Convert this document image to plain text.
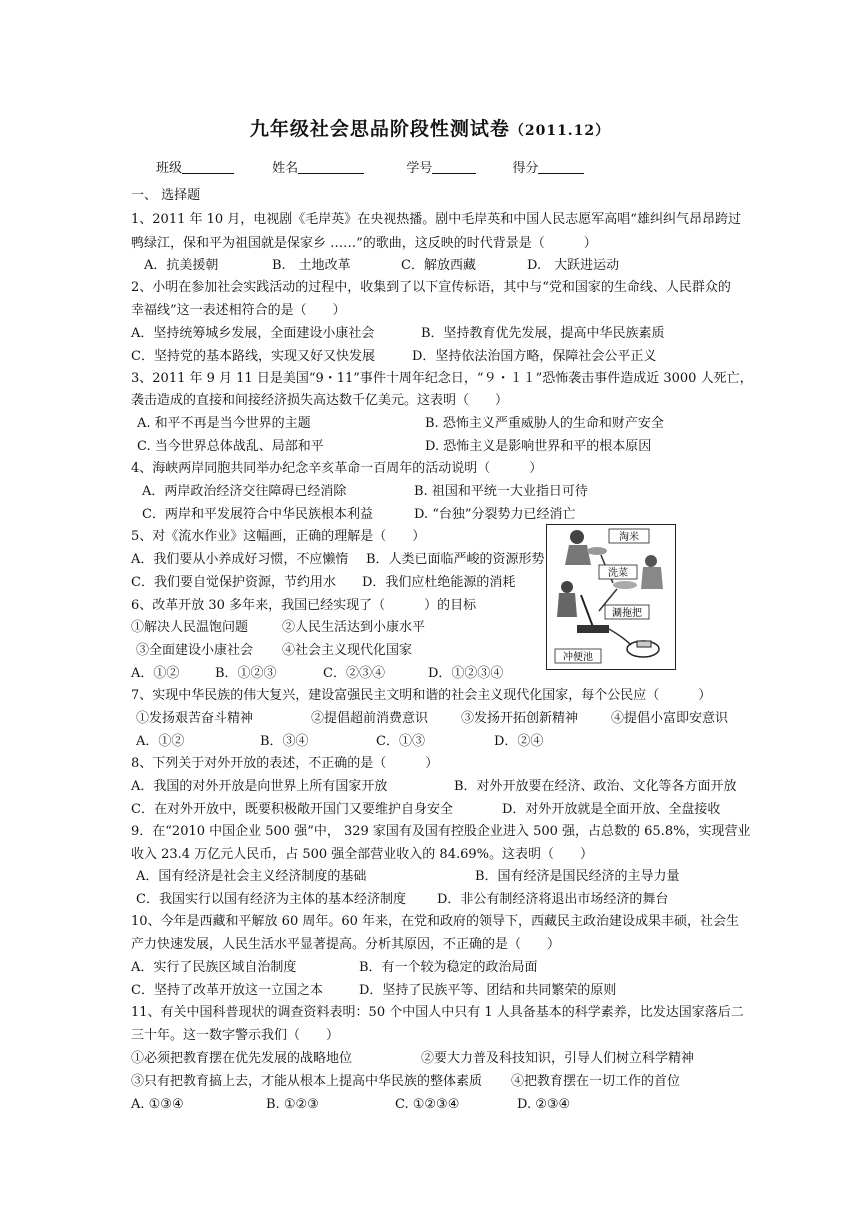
九年级社会思品阶段性测试卷（2011.12）
班级	姓名	学号	得分
一、 选择题
1、2011 年 10 月，电视剧《毛岸英》在央视热播。剧中毛岸英和中国人民志愿军高唱“雄纠纠气昂昂跨过
鸭绿江，保和平为祖国就是保家乡 ……”的歌曲，这反映的时代背景是（　　　）
A．抗美援朝	B.　土地改革	C．解放西藏	D.　大跃进运动
2、小明在参加社会实践活动的过程中，收集到了以下宣传标语，其中与“党和国家的生命线、人民群众的
幸福线”这一表述相符合的是（　　）
A．坚持统筹城乡发展，全面建设小康社会	B．坚持教育优先发展，提高中华民族素质
C．坚持党的基本路线，实现又好又快发展	D．坚持依法治国方略，保障社会公平正义
3、2011 年 9 月 11 日是美国“9・11”事件十周年纪念日，“９・１１”恐怖袭击事件造成近 3000 人死亡，
袭击造成的直接和间接经济损失高达数千亿美元。这表明（　　）
A. 和平不再是当今世界的主题	B. 恐怖主义严重威胁人的生命和财产安全
C. 当今世界总体战乱、局部和平	D. 恐怖主义是影响世界和平的根本原因
4、海峡两岸同胞共同举办纪念辛亥革命一百周年的活动说明（　　　）
A．两岸政治经济交往障碍已经消除	B. 祖国和平统一大业指日可待
C．两岸和平发展符合中华民族根本利益	D. “台独”分裂势力已经消亡
5、对《流水作业》这幅画，正确的理解是（　　）
A．我们要从小养成好习惯，不应懒惰 B．人类已面临严峻的资源形势
C．我们要自觉保护资源，节约用水 D．我们应杜绝能源的消耗
淘米
洗菜
涮拖把
冲便池
6、改革开放 30 多年来，我国已经实现了（　　　）的目标
①解决人民温饱问题	②人民生活达到小康水平
③全面建设小康社会 ④社会主义现代化国家
A．①②	B．①②③	C．②③④	D．①②③④
7、实现中华民族的伟大复兴，建设富强民主文明和谐的社会主义现代化国家，每个公民应（　　　）
①发扬艰苦奋斗精神	②提倡超前消费意识	③发扬开拓创新精神	④提倡小富即安意识
A．①②	B．③④	C．①③	D．②④
8、下列关于对外开放的表述，不正确的是（　　　）
A．我国的对外开放是向世界上所有国家开放	B．对外开放要在经济、政治、文化等各方面开放
C．在对外开放中，既要积极敞开国门又要维护自身安全	D．对外开放就是全面开放、全盘接收
9．在“2010 中国企业 500 强”中， 329 家国有及国有控股企业进入 500 强，占总数的 65.8%，实现营业
收入 23.4 万亿元人民币，占 500 强全部营业收入的 84.69%。这表明（　　）
A．国有经济是社会主义经济制度的基础	B．国有经济是国民经济的主导力量
C．我国实行以国有经济为主体的基本经济制度 D．非公有制经济将退出市场经济的舞台
10、今年是西藏和平解放 60 周年。60 年来，在党和政府的领导下，西藏民主政治建设成果丰硕，社会生
产力快速发展，人民生活水平显著提高。分析其原因，不正确的是（　　）
A．实行了民族区域自治制度	B．有一个较为稳定的政治局面
C．坚持了改革开放这一立国之本	D．坚持了民族平等、团结和共同繁荣的原则
11、有关中国科普现状的调查资料表明：50 个中国人中只有 1 人具备基本的科学素养，比发达国家落后二
三十年。这一数字警示我们（　　）
①必须把教育摆在优先发展的战略地位	②要大力普及科技知识，引导人们树立科学精神
③只有把教育搞上去，才能从根本上提高中华民族的整体素质 ④把教育摆在一切工作的首位
A. ①③④	B. ①②③	C. ①②③④	D. ②③④
